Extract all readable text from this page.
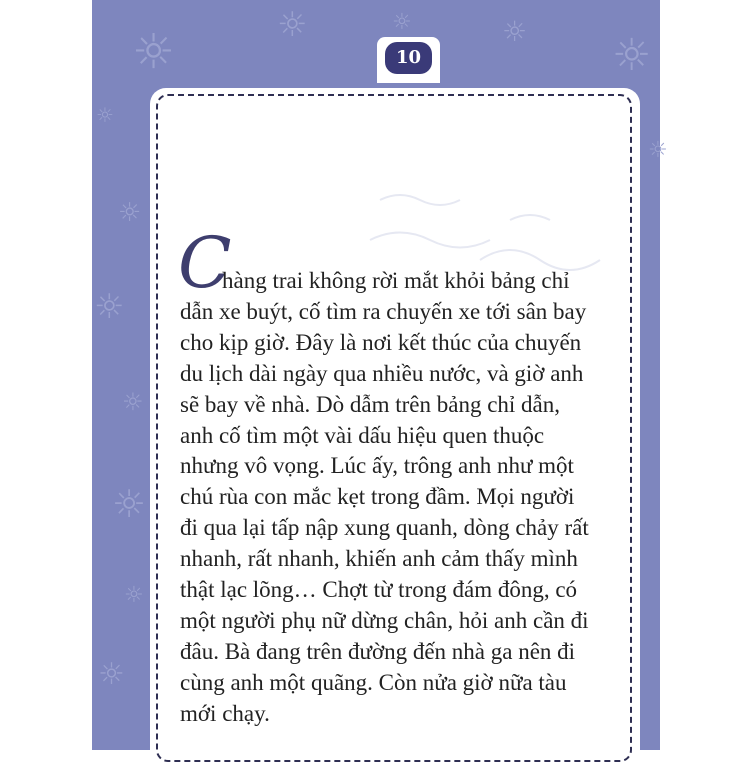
☼	☼	☼	☼ ☼
☼
☼
☼
☼
☼
☼
☼
☼
10
C
hàng trai không rời mắt khỏi bảng chỉ
dẫn xe buýt, cố tìm ra chuyến xe tới sân bay
cho kịp giờ. Đây là nơi kết thúc của chuyến
du lịch dài ngày qua nhiều nước, và giờ anh
sẽ bay về nhà. Dò dẫm trên bảng chỉ dẫn,
anh cố tìm một vài dấu hiệu quen thuộc
nhưng vô vọng. Lúc ấy, trông anh như một
chú rùa con mắc kẹt trong đầm. Mọi người
đi qua lại tấp nập xung quanh, dòng chảy rất
nhanh, rất nhanh, khiến anh cảm thấy mình
thật lạc lõng… Chợt từ trong đám đông, có
một người phụ nữ dừng chân, hỏi anh cần đi
đâu. Bà đang trên đường đến nhà ga nên đi
cùng anh một quãng. Còn nửa giờ nữa tàu
mới chạy.
